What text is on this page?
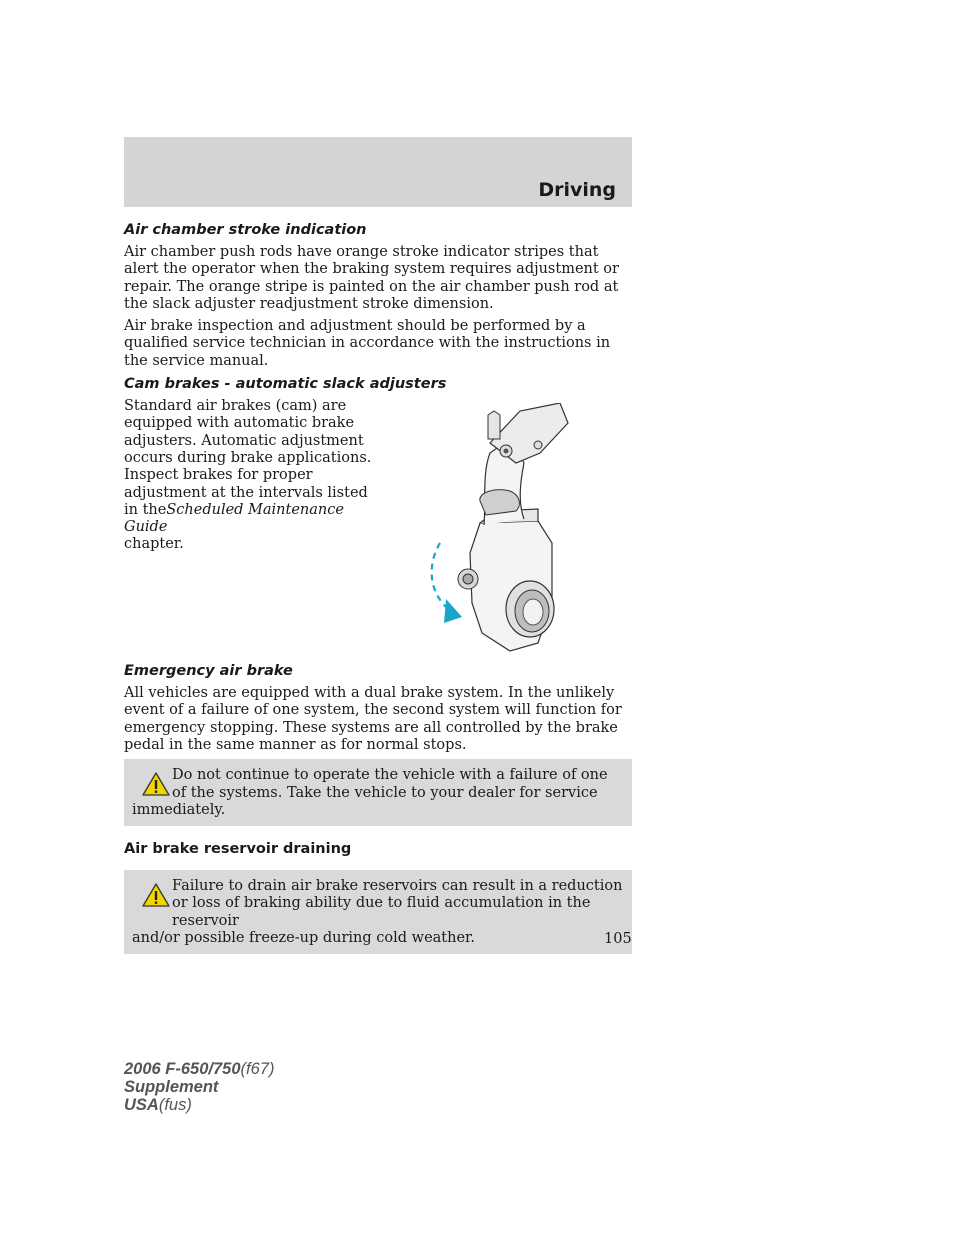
Driving
Air chamber stroke indication

Air chamber push rods have orange stroke indicator stripes that alert the operator when the braking system requires adjustment or repair. The orange stripe is painted on the air chamber push rod at the slack adjuster readjustment stroke dimension.

Air brake inspection and adjustment should be performed by a qualified service technician in accordance with the instructions in the service manual.

Cam brakes - automatic slack adjusters

Standard air brakes (cam) are equipped with automatic brake adjusters. Automatic adjustment occurs during brake applications. Inspect brakes for proper adjustment at the intervals listed in theScheduled Maintenance Guide
chapter.

Emergency air brake

All vehicles are equipped with a dual brake system. In the unlikely event of a failure of one system, the second system will function for emergency stopping. These systems are all controlled by the brake pedal in the same manner as for normal stops.

Do not continue to operate the vehicle with a failure of one of the systems. Take the vehicle to your dealer for service
immediately.

Air brake reservoir draining

Failure to drain air brake reservoirs can result in a reduction or loss of braking ability due to fluid accumulation in the reservoir
and/or possible freeze-up during cold weather.	105
2006 F-650/750(f67)
Supplement
USA(fus)
